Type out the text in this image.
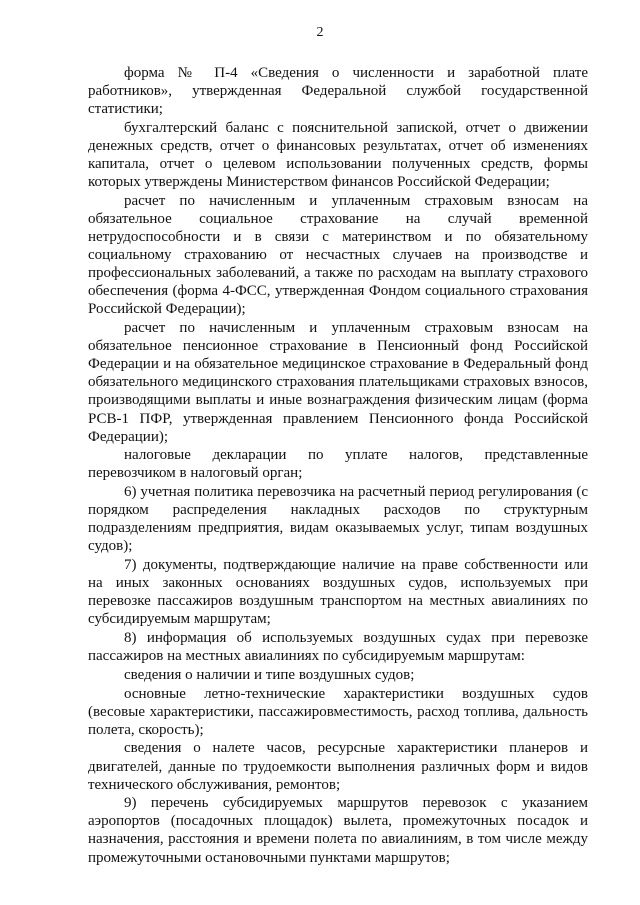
2

форма № П-4 «Сведения о численности и заработной плате работников», утвержденная Федеральной службой государственной статистики;

бухгалтерский баланс с пояснительной запиской, отчет о движении денежных средств, отчет о финансовых результатах, отчет об изменениях капитала, отчет о целевом использовании полученных средств, формы которых утверждены Министерством финансов Российской Федерации;

расчет по начисленным и уплаченным страховым взносам на обязательное социальное страхование на случай временной нетрудоспособности и в связи с материнством и по обязательному социальному страхованию от несчастных случаев на производстве и профессиональных заболеваний, а также по расходам на выплату страхового обеспечения (форма 4-ФСС, утвержденная Фондом социального страхования Российской Федерации);

расчет по начисленным и уплаченным страховым взносам на обязательное пенсионное страхование в Пенсионный фонд Российской Федерации и на обязательное медицинское страхование в Федеральный фонд обязательного медицинского страхования плательщиками страховых взносов, производящими выплаты и иные вознаграждения физическим лицам (форма РСВ-1 ПФР, утвержденная правлением Пенсионного фонда Российской Федерации);

налоговые декларации по уплате налогов, представленные перевозчиком в налоговый орган;

6) учетная политика перевозчика на расчетный период регулирования (с порядком распределения накладных расходов по структурным подразделениям предприятия, видам оказываемых услуг, типам воздушных судов);

7) документы, подтверждающие наличие на праве собственности или на иных законных основаниях воздушных судов, используемых при перевозке пассажиров воздушным транспортом на местных авиалиниях по субсидируемым маршрутам;

8) информация об используемых воздушных судах при перевозке пассажиров на местных авиалиниях по субсидируемым маршрутам:

сведения о наличии и типе воздушных судов;

основные летно-технические характеристики воздушных судов (весовые характеристики, пассажировместимость, расход топлива, дальность полета, скорость);

сведения о налете часов, ресурсные характеристики планеров и двигателей, данные по трудоемкости выполнения различных форм и видов технического обслуживания, ремонтов;

9) перечень субсидируемых маршрутов перевозок с указанием аэропортов (посадочных площадок) вылета, промежуточных посадок и назначения, расстояния и времени полета по авиалиниям, в том числе между промежуточными остановочными пунктами маршрутов;
